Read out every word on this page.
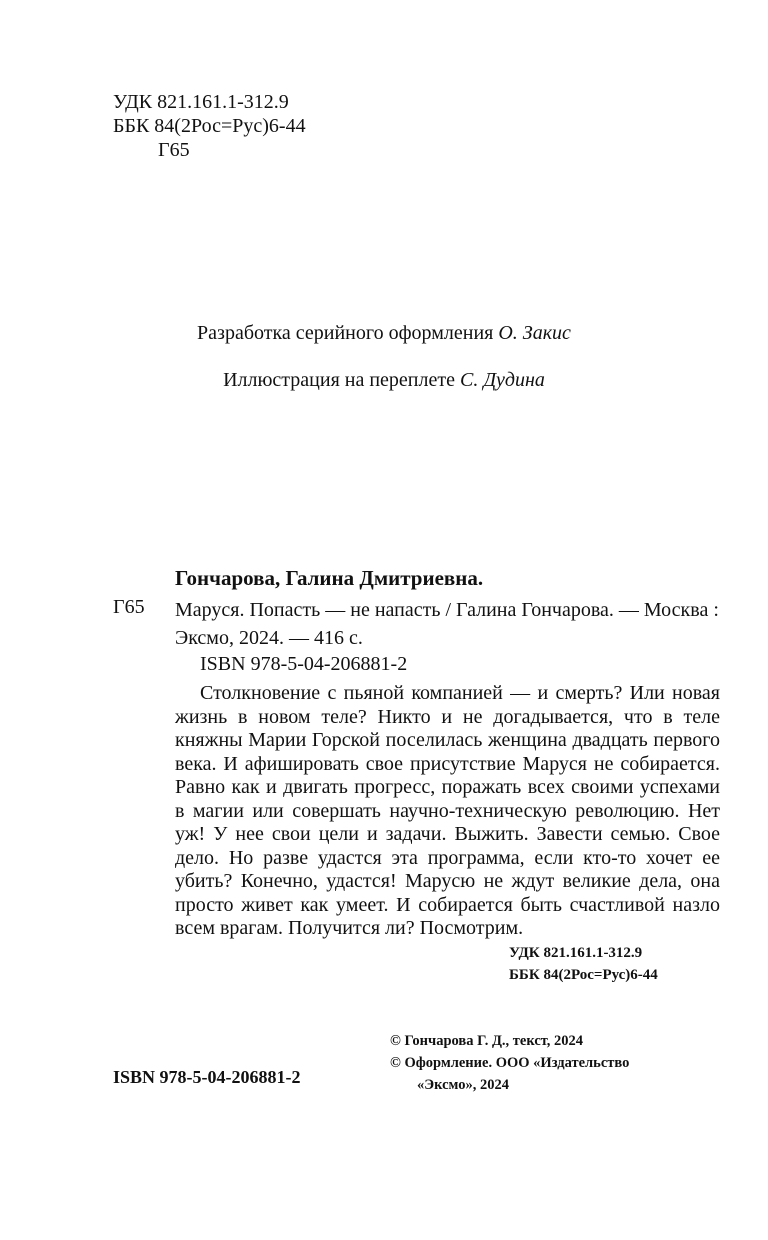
УДК 821.161.1-312.9
ББК 84(2Рос=Рус)6-44
Г65
Разработка серийного оформления О. Закис
Иллюстрация на переплете С. Дудина
Гончарова, Галина Дмитриевна.
Г65 Маруся. Попасть — не напасть / Галина Гончарова. — Москва : Эксмо, 2024. — 416 с.
ISBN 978-5-04-206881-2

Столкновение с пьяной компанией — и смерть? Или новая жизнь в новом теле? Никто и не догадывается, что в теле княжны Марии Горской поселилась женщина двадцать первого века. И афишировать свое присутствие Маруся не собирается. Равно как и двигать прогресс, поражать всех своими успехами в магии или совершать научно-техническую революцию. Нет уж! У нее свои цели и задачи. Выжить. Завести семью. Свое дело. Но разве удастся эта программа, если кто-то хочет ее убить? Конечно, удастся! Марусю не ждут великие дела, она просто живет как умеет. И собирается быть счастливой назло всем врагам. Получится ли? Посмотрим.

УДК 821.161.1-312.9
ББК 84(2Рос=Рус)6-44
© Гончарова Г. Д., текст, 2024
© Оформление. ООО «Издательство
«Эксмо», 2024
ISBN 978-5-04-206881-2
